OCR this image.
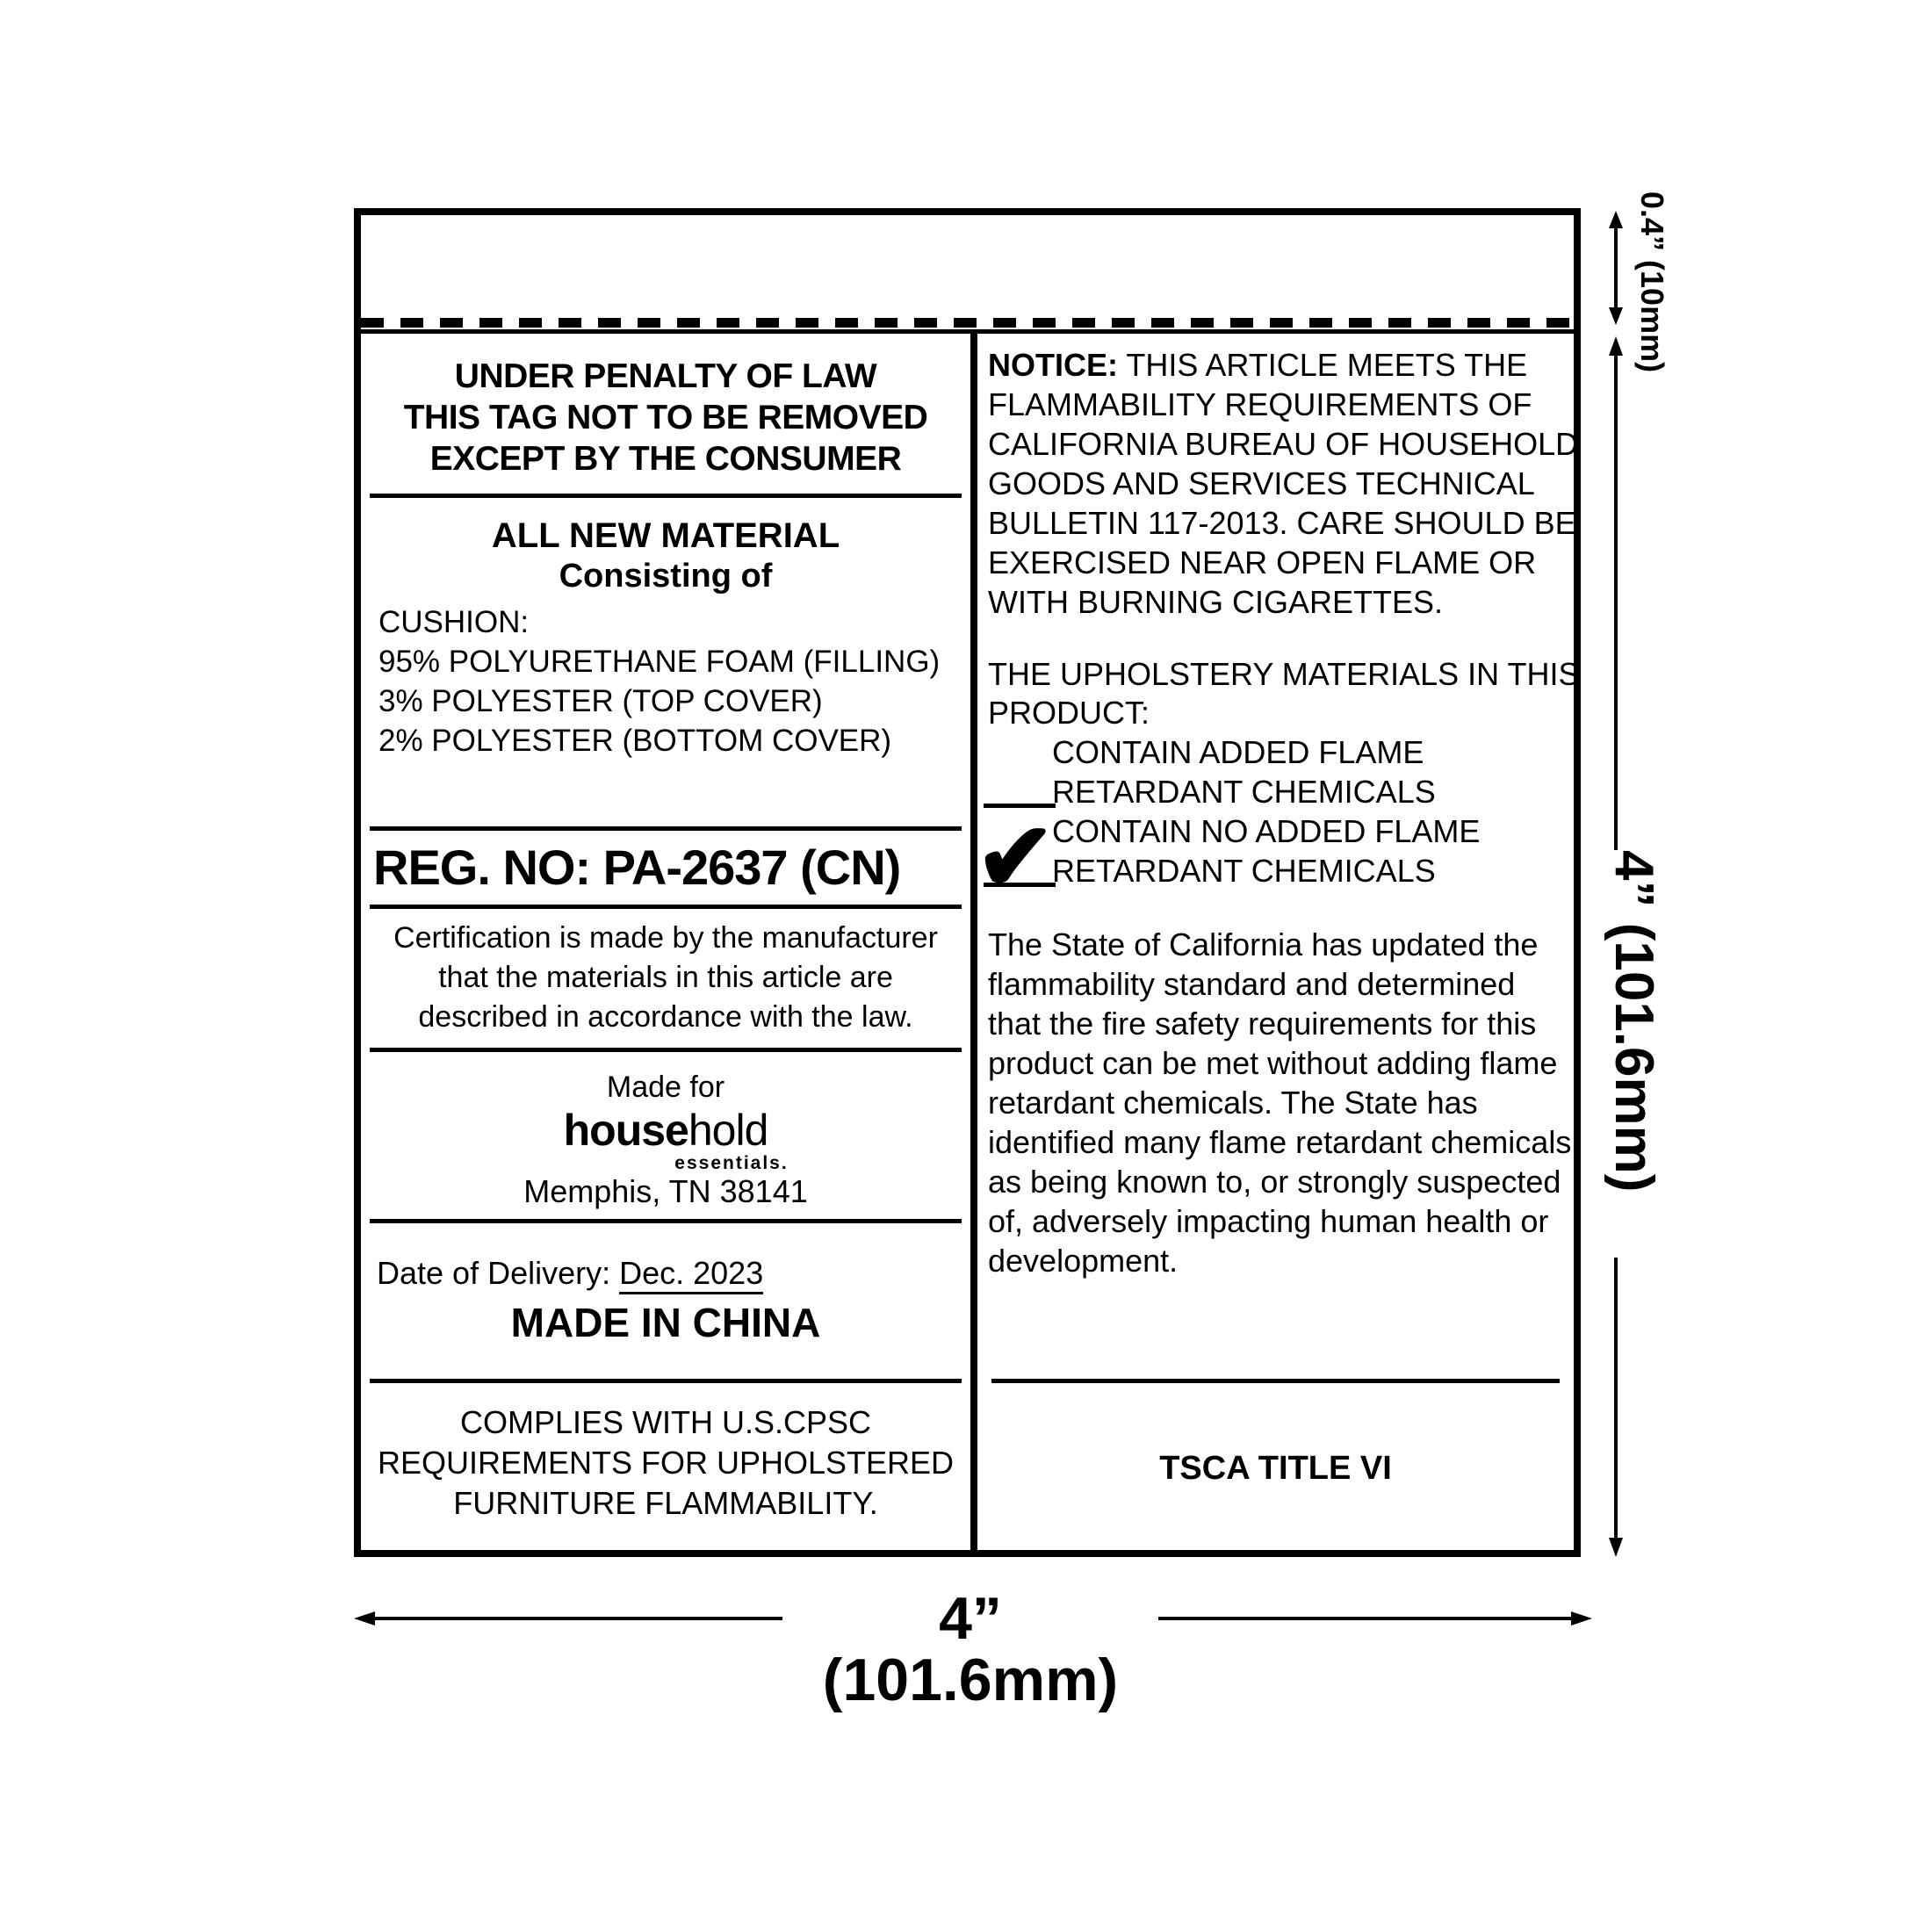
UNDER PENALTY OF LAW
THIS TAG NOT TO BE REMOVED
EXCEPT BY THE CONSUMER
ALL NEW MATERIAL
Consisting of
CUSHION:
95% POLYURETHANE FOAM (FILLING)
3% POLYESTER (TOP COVER)
2% POLYESTER (BOTTOM COVER)
REG. NO: PA-2637 (CN)
Certification is made by the manufacturer
that the materials in this article are
described in accordance with the law.
Made for
household
essentials.
Memphis, TN 38141
Date of Delivery: Dec. 2023
MADE IN CHINA
COMPLIES WITH U.S.CPSC
REQUIREMENTS FOR UPHOLSTERED
FURNITURE FLAMMABILITY.
NOTICE: THIS ARTICLE MEETS THE
FLAMMABILITY REQUIREMENTS OF
CALIFORNIA BUREAU OF HOUSEHOLD
GOODS AND SERVICES TECHNICAL
BULLETIN 117-2013. CARE SHOULD BE
EXERCISED NEAR OPEN FLAME OR
WITH BURNING CIGARETTES.
THE UPHOLSTERY MATERIALS IN THIS
PRODUCT:
CONTAIN ADDED FLAME
RETARDANT CHEMICALS
CONTAIN NO ADDED FLAME
RETARDANT CHEMICALS
✔
The State of California has updated the
flammability standard and determined
that the fire safety requirements for this
product can be met without adding flame
retardant chemicals. The State has
identified many flame retardant chemicals
as being known to, or strongly suspected
of, adversely impacting human health or
development.
TSCA TITLE VI
0.4” (10mm)
4” (101.6mm)
4” (101.6mm)
